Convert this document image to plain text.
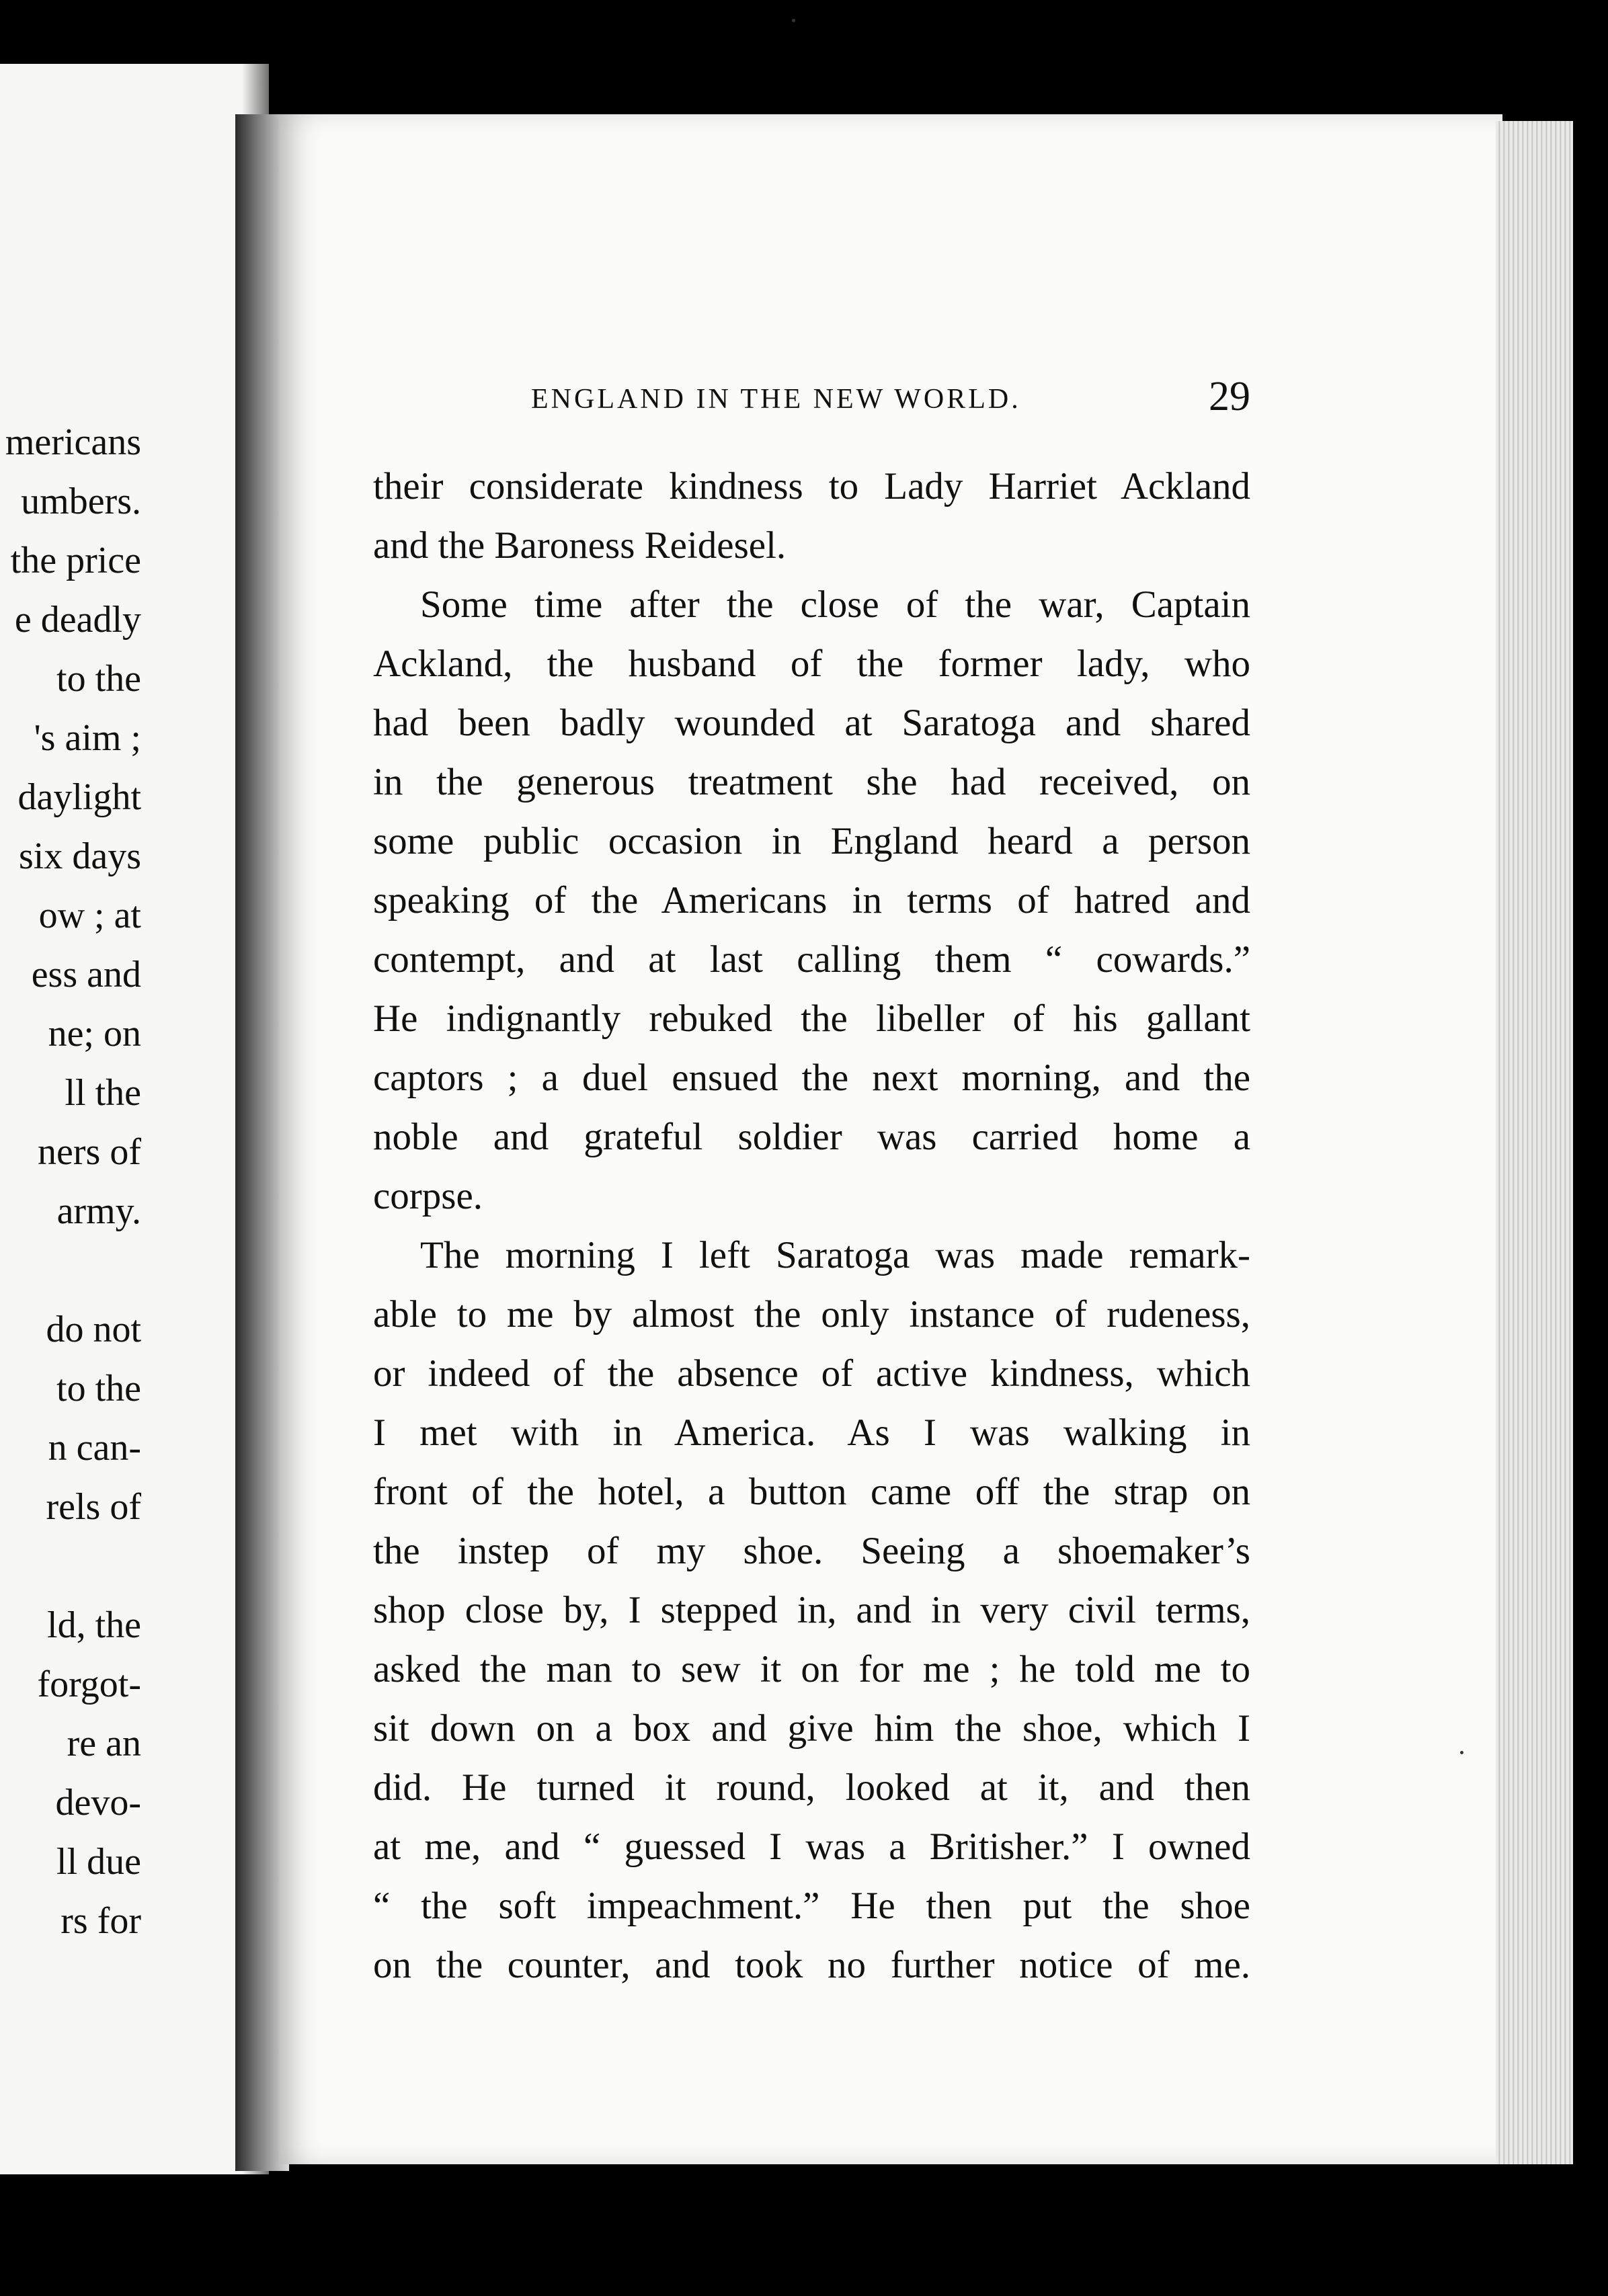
mericans
umbers.
the price
e deadly
to the
's aim ;
daylight
six days
ow ; at
ess and
ne; on
ll the
ners of
army.
do not
to the
n can-
rels of
ld, the
forgot-
re an
devo-
ll due
rs for
ENGLAND IN THE NEW WORLD.	29
their considerate kindness to Lady Harriet Ackland
and the Baroness Reidesel.
Some time after the close of the war, Captain
Ackland, the husband of the former lady, who
had been badly wounded at Saratoga and shared
in the generous treatment she had received, on
some public occasion in England heard a person
speaking of the Americans in terms of hatred and
contempt, and at last calling them “ cowards.”
He indignantly rebuked the libeller of his gallant
captors ; a duel ensued the next morning, and the
noble and grateful soldier was carried home a
corpse.
The morning I left Saratoga was made remark-
able to me by almost the only instance of rudeness,
or indeed of the absence of active kindness, which
I met with in America. As I was walking in
front of the hotel, a button came off the strap on
the instep of my shoe. Seeing a shoemaker’s
shop close by, I stepped in, and in very civil terms,
asked the man to sew it on for me ; he told me to
sit down on a box and give him the shoe, which I
did. He turned it round, looked at it, and then
at me, and “ guessed I was a Britisher.” I owned
“ the soft impeachment.” He then put the shoe
on the counter, and took no further notice of me.
